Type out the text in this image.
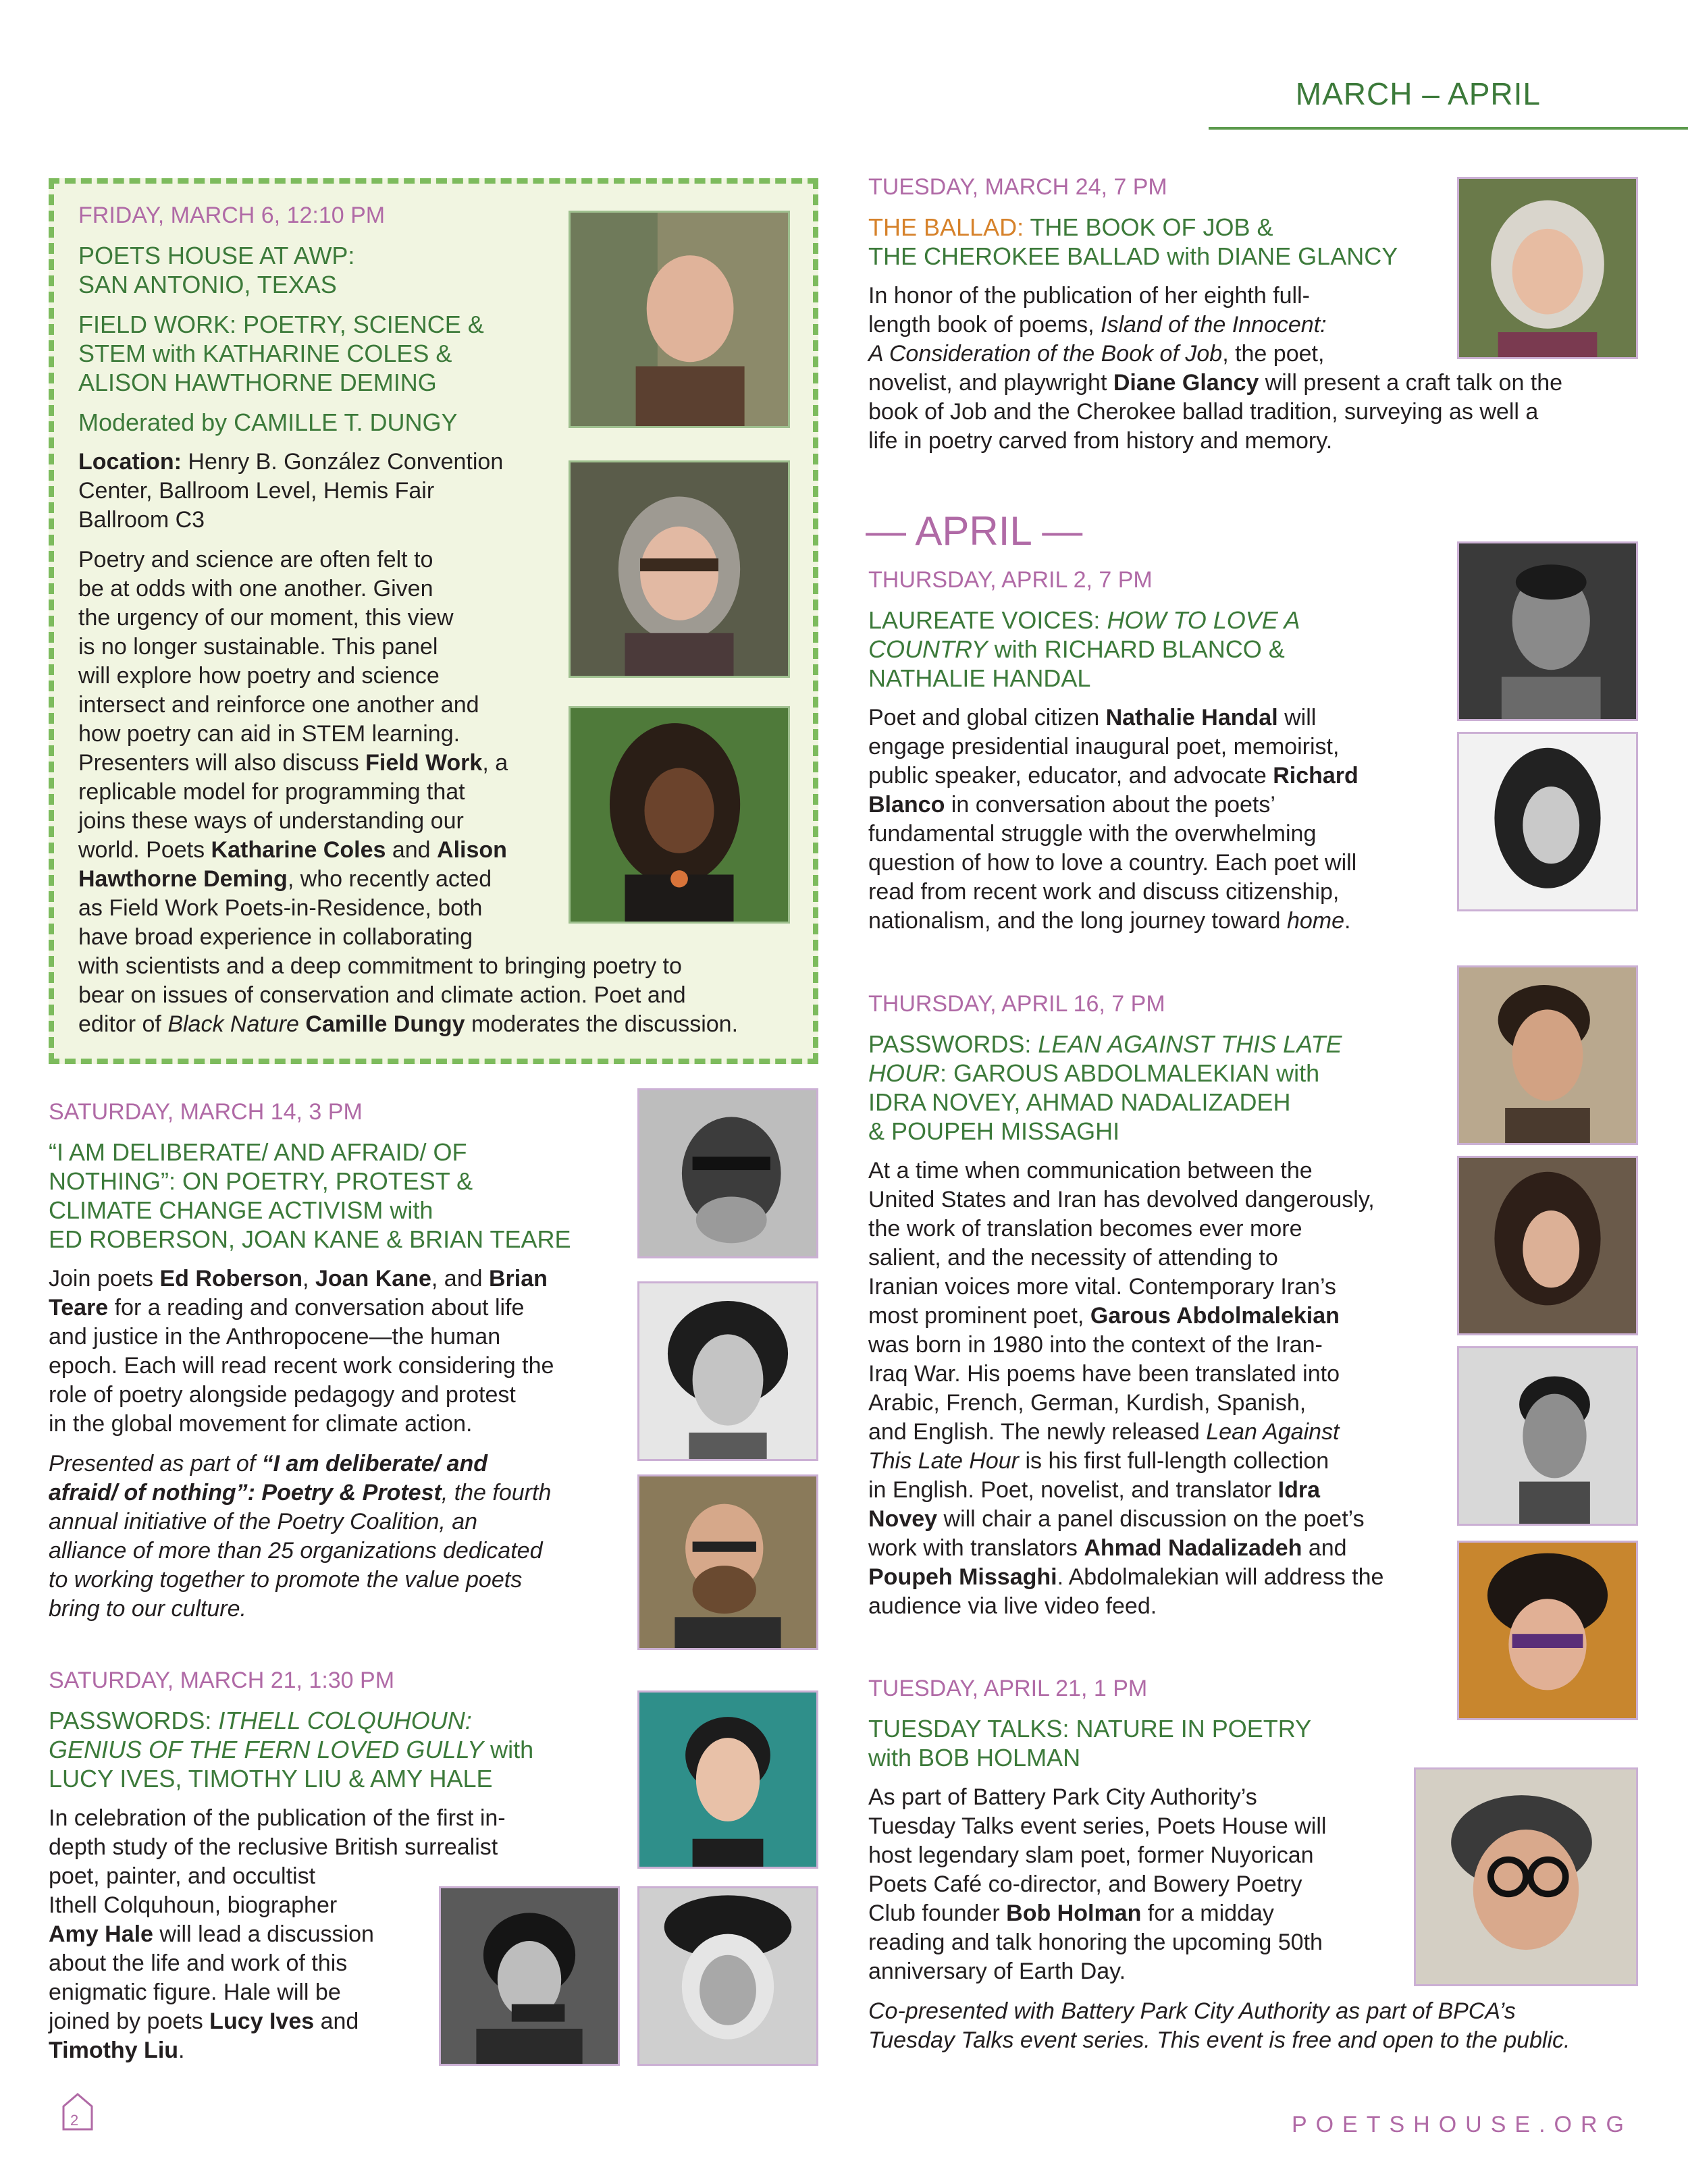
MARCH – APRIL

FRIDAY, MARCH 6, 12:10 PM

POETS HOUSE AT AWP:
SAN ANTONIO, TEXAS

FIELD WORK: POETRY, SCIENCE &
STEM with KATHARINE COLES &
ALISON HAWTHORNE DEMING

Moderated by CAMILLE T. DUNGY

Location: Henry B. González Convention
Center, Ballroom Level, Hemis Fair
Ballroom C3

Poetry and science are often felt to
be at odds with one another. Given
the urgency of our moment, this view
is no longer sustainable. This panel
will explore how poetry and science
intersect and reinforce one another and
how poetry can aid in STEM learning.
Presenters will also discuss Field Work, a
replicable model for programming that
joins these ways of understanding our
world. Poets Katharine Coles and Alison
Hawthorne Deming, who recently acted
as Field Work Poets-in-Residence, both
have broad experience in collaborating
with scientists and a deep commitment to bringing poetry to
bear on issues of conservation and climate action. Poet and
editor of Black Nature Camille Dungy moderates the discussion.

SATURDAY, MARCH 14, 3 PM

“I AM DELIBERATE/ AND AFRAID/ OF
NOTHING”: ON POETRY, PROTEST &
CLIMATE CHANGE ACTIVISM with
ED ROBERSON, JOAN KANE & BRIAN TEARE

Join poets Ed Roberson, Joan Kane, and Brian
Teare for a reading and conversation about life
and justice in the Anthropocene—the human
epoch. Each will read recent work considering the
role of poetry alongside pedagogy and protest
in the global movement for climate action.
Presented as part of “I am deliberate/ and
afraid/ of nothing”: Poetry & Protest, the fourth
annual initiative of the Poetry Coalition, an
alliance of more than 25 organizations dedicated
to working together to promote the value poets
bring to our culture.

SATURDAY, MARCH 21, 1:30 PM

PASSWORDS: ITHELL COLQUHOUN:
GENIUS OF THE FERN LOVED GULLY with
LUCY IVES, TIMOTHY LIU & AMY HALE

In celebration of the publication of the first in-
depth study of the reclusive British surrealist
poet, painter, and occultist
Ithell Colquhoun, biographer
Amy Hale will lead a discussion
about the life and work of this
enigmatic figure. Hale will be
joined by poets Lucy Ives and
Timothy Liu.

TUESDAY, MARCH 24, 7 PM

THE BALLAD: THE BOOK OF JOB &
THE CHEROKEE BALLAD with DIANE GLANCY

In honor of the publication of her eighth full-
length book of poems, Island of the Innocent:
A Consideration of the Book of Job, the poet,
novelist, and playwright Diane Glancy will present a craft talk on the
book of Job and the Cherokee ballad tradition, surveying as well a
life in poetry carved from history and memory.

— APRIL —

THURSDAY, APRIL 2, 7 PM

LAUREATE VOICES: HOW TO LOVE A
COUNTRY with RICHARD BLANCO &
NATHALIE HANDAL

Poet and global citizen Nathalie Handal will
engage presidential inaugural poet, memoirist,
public speaker, educator, and advocate Richard
Blanco in conversation about the poets’
fundamental struggle with the overwhelming
question of how to love a country. Each poet will
read from recent work and discuss citizenship,
nationalism, and the long journey toward home.

THURSDAY, APRIL 16, 7 PM

PASSWORDS: LEAN AGAINST THIS LATE
HOUR: GAROUS ABDOLMALEKIAN with
IDRA NOVEY, AHMAD NADALIZADEH
& POUPEH MISSAGHI

At a time when communication between the
United States and Iran has devolved dangerously,
the work of translation becomes ever more
salient, and the necessity of attending to
Iranian voices more vital. Contemporary Iran’s
most prominent poet, Garous Abdolmalekian
was born in 1980 into the context of the Iran-
Iraq War. His poems have been translated into
Arabic, French, German, Kurdish, Spanish,
and English. The newly released Lean Against
This Late Hour is his first full-length collection
in English. Poet, novelist, and translator Idra
Novey will chair a panel discussion on the poet’s
work with translators Ahmad Nadalizadeh and
Poupeh Missaghi. Abdolmalekian will address the
audience via live video feed.

TUESDAY, APRIL 21, 1 PM

TUESDAY TALKS: NATURE IN POETRY
with BOB HOLMAN

As part of Battery Park City Authority’s
Tuesday Talks event series, Poets House will
host legendary slam poet, former Nuyorican
Poets Café co-director, and Bowery Poetry
Club founder Bob Holman for a midday
reading and talk honoring the upcoming 50th
anniversary of Earth Day.
Co-presented with Battery Park City Authority as part of BPCA’s
Tuesday Talks event series. This event is free and open to the public.
2	POETSHOUSE.ORG
